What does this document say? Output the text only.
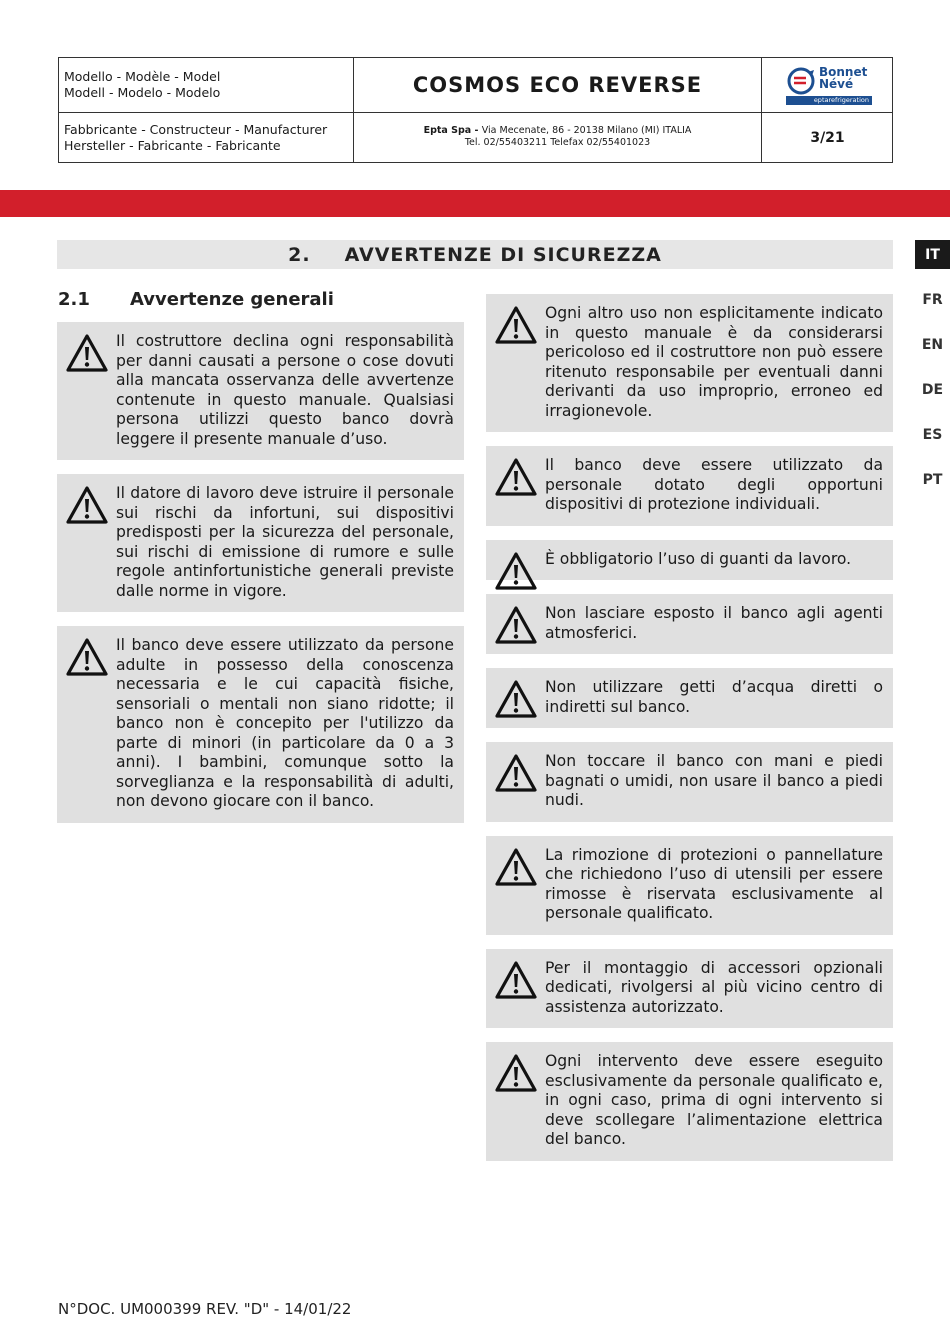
Modello - Modèle - Model
Modell - Modelo - Modelo	COSMOS ECO REVERSE
Bonnet
Névé
eptarefrigeration
Fabbricante - Constructeur - Manufacturer
Hersteller - Fabricante - Fabricante
Epta Spa - Via Mecenate, 86 - 20138 Milano (MI) ITALIA
Tel. 02/55403211 Telefax 02/55401023	3/21
2. AVVERTENZE DI SICUREZZA	IT
FR
EN
DE
ES
PT
2.1 Avvertenze generali
Il costruttore declina ogni responsabilità per danni causati a persone o cose dovuti alla mancata osservanza delle avvertenze contenute in questo manuale. Qualsiasi persona utilizzi questo banco dovrà leggere il presente manuale d’uso.
Il datore di lavoro deve istruire il personale sui rischi da infortuni, sui dispositivi predisposti per la sicurezza del personale, sui rischi di emissione di rumore e sulle regole antinfortunistiche generali previste dalle norme in vigore.
Il banco deve essere utilizzato da persone adulte in possesso della conoscenza necessaria e le cui capacità fisiche, sensoriali o mentali non siano ridotte; il banco non è concepito per l'utilizzo da parte di minori (in particolare da 0 a 3 anni). I bambini, comunque sotto la sorveglianza e la responsabilità di adulti, non devono giocare con il banco.
Ogni altro uso non esplicitamente indicato in questo manuale è da considerarsi pericoloso ed il costruttore non può essere ritenuto responsabile per eventuali danni derivanti da uso improprio, erroneo ed irragionevole.
Il banco deve essere utilizzato da personale dotato degli opportuni dispositivi di protezione individuali.
È obbligatorio l’uso di guanti da lavoro.
Non lasciare esposto il banco agli agenti atmosferici.
Non utilizzare getti d’acqua diretti o indiretti sul banco.
Non toccare il banco con mani e piedi bagnati o umidi, non usare il banco a piedi nudi.
La rimozione di protezioni o pannellature che richiedono l’uso di utensili per essere rimosse è riservata esclusivamente al personale qualificato.
Per il montaggio di accessori opzionali dedicati, rivolgersi al più vicino centro di assistenza autorizzato.
Ogni intervento deve essere eseguito esclusivamente da personale qualificato e, in ogni caso, prima di ogni intervento si deve scollegare l’alimentazione elettrica del banco.
N°DOC. UM000399 REV. "D" - 14/01/22
